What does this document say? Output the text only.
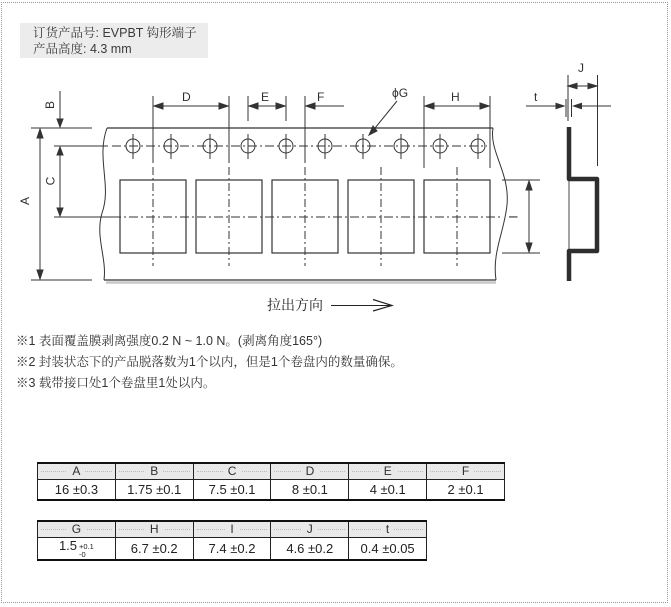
订货产品号: EVPBT 钩形端子
产品高度: 4.3 mm
A
B
C
D	E	F	ϕG	H
I
J
t
拉出方向
※1 表面覆盖膜剥离强度0.2 N ~ 1.0 N。(剥离角度165°)
※2 封装状态下的产品脱落数为1个以内，但是1个卷盘内的数量确保。
※3 载带接口处1个卷盘里1处以内。
A	B	C	D	E	F
16 ±0.3	1.75 ±0.1	7.5 ±0.1	8 ±0.1	4 ±0.1	2 ±0.1
G	H	I	J	t
1.5 +0.1
-0	6.7 ±0.2	7.4 ±0.2	4.6 ±0.2	0.4 ±0.05
